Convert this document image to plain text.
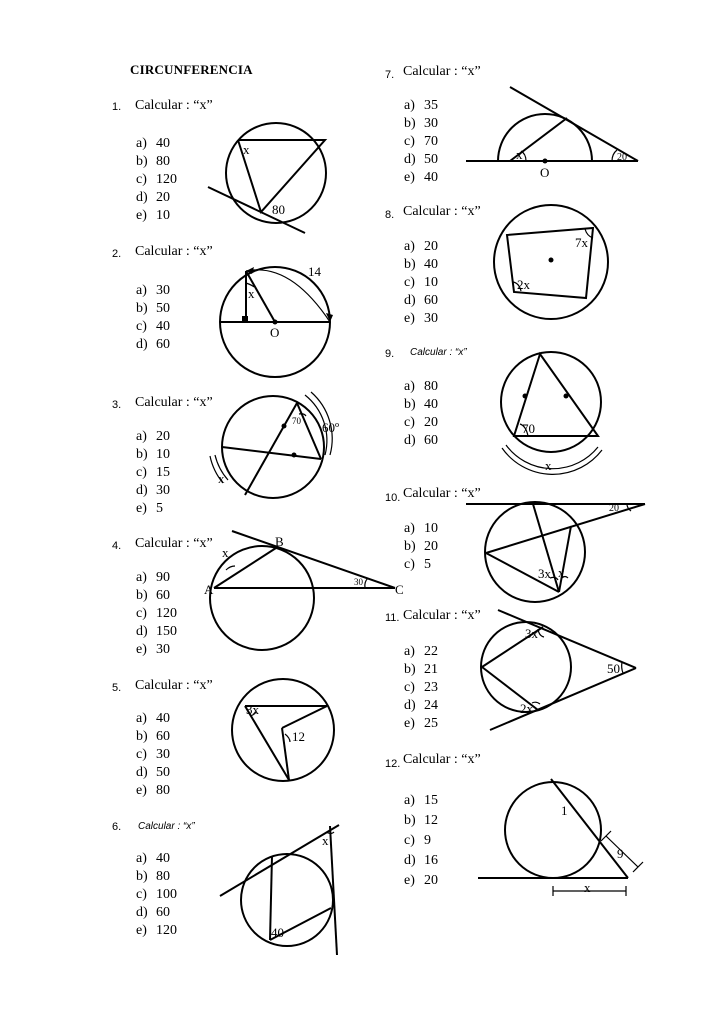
CIRCUNFERENCIA
1. Calcular : “x”
a) 40
b) 80
c) 120
d) 20
e) 10
x
80
2. Calcular : “x”
a) 30
b) 50
c) 40
d) 60
x
14
O
3. Calcular : “x”
a) 20
b) 10
c) 15
d) 30
e) 5
70 60º
x
4. Calcular : “x”
a) 90
b) 60
c) 120
d) 150
e) 30
x
B
A	30 C
5. Calcular : “x”
a) 40
b) 60
c) 30
d) 50
e) 80
3x
12
6. Calcular : “x”
a) 40
b) 80
c) 100
d) 60
e) 120
x
40
7. Calcular : “x”
a) 35
b) 30
c) 70
d) 50
e) 40
x	20
O
8. Calcular : “x”
a) 20
b) 40
c) 10
d) 60
e) 30
7x
2x
9. Calcular : “x”
a) 80
b) 40
c) 20
d) 60
70
x
10. Calcular : “x”
a) 10
b) 20
c) 5
20
3x x
11. Calcular : “x”
a) 22
b) 21
c) 23
d) 24
e) 25
3x
50
2x
12. Calcular : “x”
a) 15
b) 12
c) 9
d) 16
e) 20
1
9
x
